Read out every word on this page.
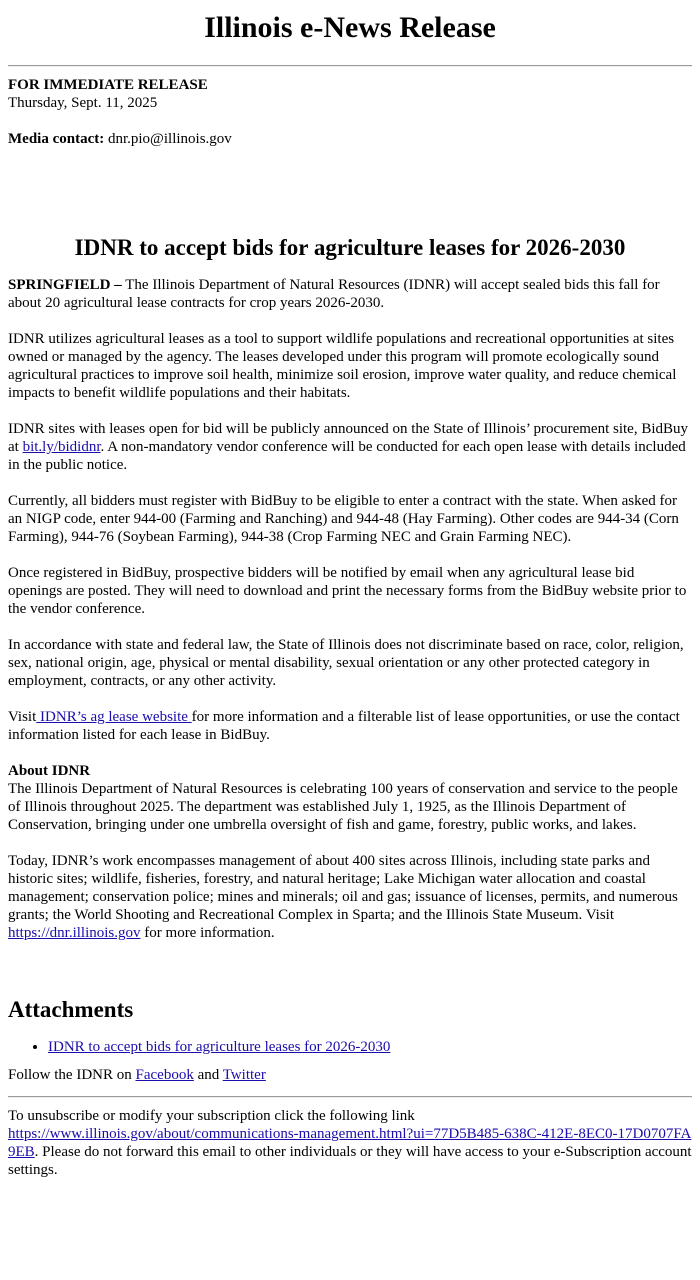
Illinois e-News Release

FOR IMMEDIATE RELEASE

Thursday, Sept. 11, 2025

Media contact: dnr.pio@illinois.gov

IDNR to accept bids for agriculture leases for 2026-2030

SPRINGFIELD – The Illinois Department of Natural Resources (IDNR) will accept sealed bids this fall for about 20 agricultural lease contracts for crop years 2026-2030.

IDNR utilizes agricultural leases as a tool to support wildlife populations and recreational opportunities at sites owned or managed by the agency. The leases developed under this program will promote ecologically sound agricultural practices to improve soil health, minimize soil erosion, improve water quality, and reduce chemical impacts to benefit wildlife populations and their habitats.

IDNR sites with leases open for bid will be publicly announced on the State of Illinois’ procurement site, BidBuy at bit.ly/bididnr. A non-mandatory vendor conference will be conducted for each open lease with details included in the public notice.

Currently, all bidders must register with BidBuy to be eligible to enter a contract with the state. When asked for an NIGP code, enter 944-00 (Farming and Ranching) and 944-48 (Hay Farming). Other codes are 944-34 (Corn Farming), 944-76 (Soybean Farming), 944-38 (Crop Farming NEC and Grain Farming NEC).

Once registered in BidBuy, prospective bidders will be notified by email when any agricultural lease bid openings are posted. They will need to download and print the necessary forms from the BidBuy website prior to the vendor conference.

In accordance with state and federal law, the State of Illinois does not discriminate based on race, color, religion, sex, national origin, age, physical or mental disability, sexual orientation or any other protected category in employment, contracts, or any other activity.

Visit IDNR’s ag lease website for more information and a filterable list of lease opportunities, or use the contact information listed for each lease in BidBuy.

About IDNR
The Illinois Department of Natural Resources is celebrating 100 years of conservation and service to the people of Illinois throughout 2025. The department was established July 1, 1925, as the Illinois Department of Conservation, bringing under one umbrella oversight of fish and game, forestry, public works, and lakes.

Today, IDNR’s work encompasses management of about 400 sites across Illinois, including state parks and historic sites; wildlife, fisheries, forestry, and natural heritage; Lake Michigan water allocation and coastal management; conservation police; mines and minerals; oil and gas; issuance of licenses, permits, and numerous grants; the World Shooting and Recreational Complex in Sparta; and the Illinois State Museum. Visit https://dnr.illinois.gov for more information.

Attachments
• IDNR to accept bids for agriculture leases for 2026-2030

Follow the IDNR on Facebook and Twitter

To unsubscribe or modify your subscription click the following link
https://www.illinois.gov/about/communications-management.html?ui=77D5B485-638C-412E-8EC0-17D0707FA9EB. Please do not forward this email to other individuals or they will have access to your e-Subscription account settings.
